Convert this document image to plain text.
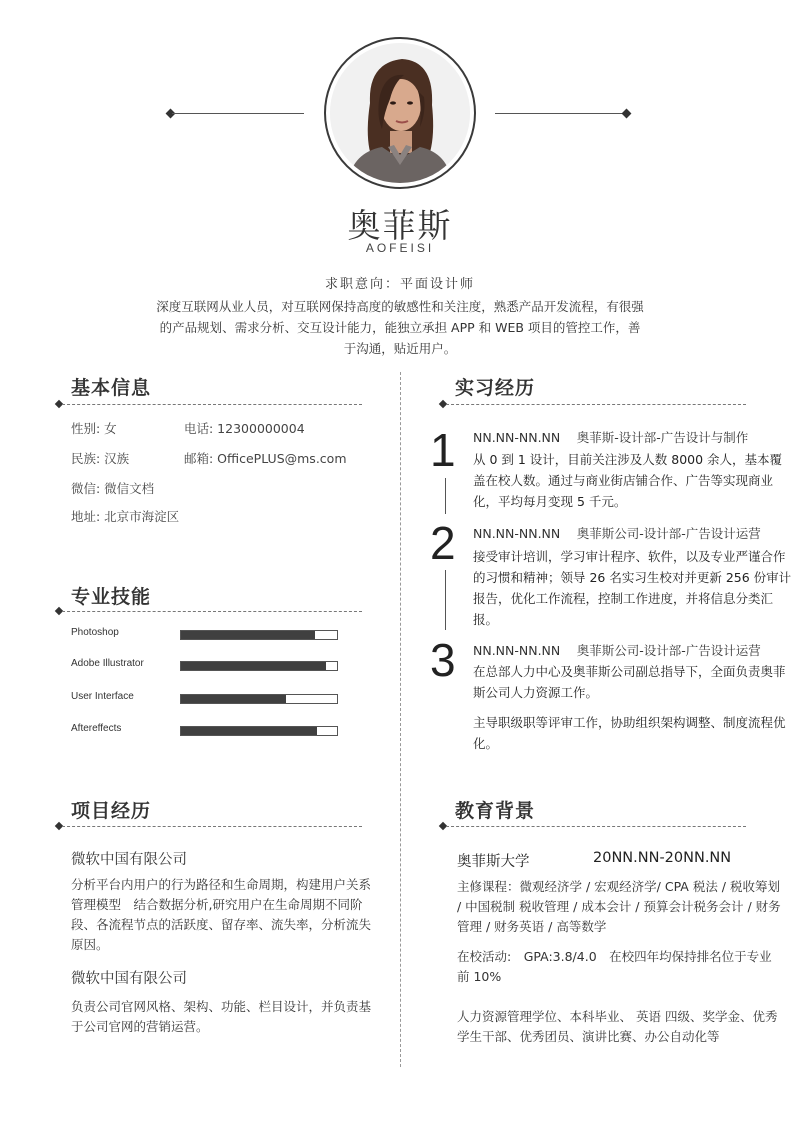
奥菲斯
AOFEISI
求职意向：平面设计师
深度互联网从业人员，对互联网保持高度的敏感性和关注度，熟悉产品开发流程，有很强的产品规划、需求分析、交互设计能力，能独立承担 APP 和 WEB 项目的管控工作，善于沟通，贴近用户。
基本信息
性别: 女	电话: 12300000004
民族: 汉族	邮箱: OfficePLUS@ms.com
微信: 微信文档
地址: 北京市海淀区
专业技能
Photoshop
Adobe Illustrator
User Interface
Aftereffects
项目经历
微软中国有限公司
分析平台内用户的行为路径和生命周期，构建用户关系管理模型　结合数据分析,研究用户在生命周期不同阶段、各流程节点的活跃度、留存率、流失率，分析流失原因。
微软中国有限公司
负责公司官网风格、架构、功能、栏目设计，并负责基于公司官网的营销运营。
实习经历
1 NN.NN-NN.NN　 奥菲斯-设计部-广告设计与制作
从 0 到 1 设计，目前关注涉及人数 8000 余人，基本覆盖在校人数。通过与商业街店铺合作、广告等实现商业化，平均每月变现 5 千元。
2 NN.NN-NN.NN　 奥菲斯公司-设计部-广告设计运营
接受审计培训，学习审计程序、软件，以及专业严谨合作的习惯和精神；领导 26 名实习生校对并更新 256 份审计报告，优化工作流程，控制工作进度，并将信息分类汇报。
3 NN.NN-NN.NN　 奥菲斯公司-设计部-广告设计运营
在总部人力中心及奥菲斯公司副总指导下，全面负责奥菲斯公司人力资源工作。
主导职级职等评审工作，协助组织架构调整、制度流程优化。
教育背景
奥菲斯大学	20NN.NN-20NN.NN
主修课程：微观经济学 / 宏观经济学/ CPA 税法 / 税收筹划 / 中国税制 税收管理 / 成本会计 / 预算会计税务会计 / 财务管理 / 财务英语 / 高等数学
在校活动:　GPA:3.8/4.0　在校四年均保持排名位于专业前 10%
人力资源管理学位、本科毕业、 英语 四级、奖学金、优秀学生干部、优秀团员、演讲比赛、办公自动化等
